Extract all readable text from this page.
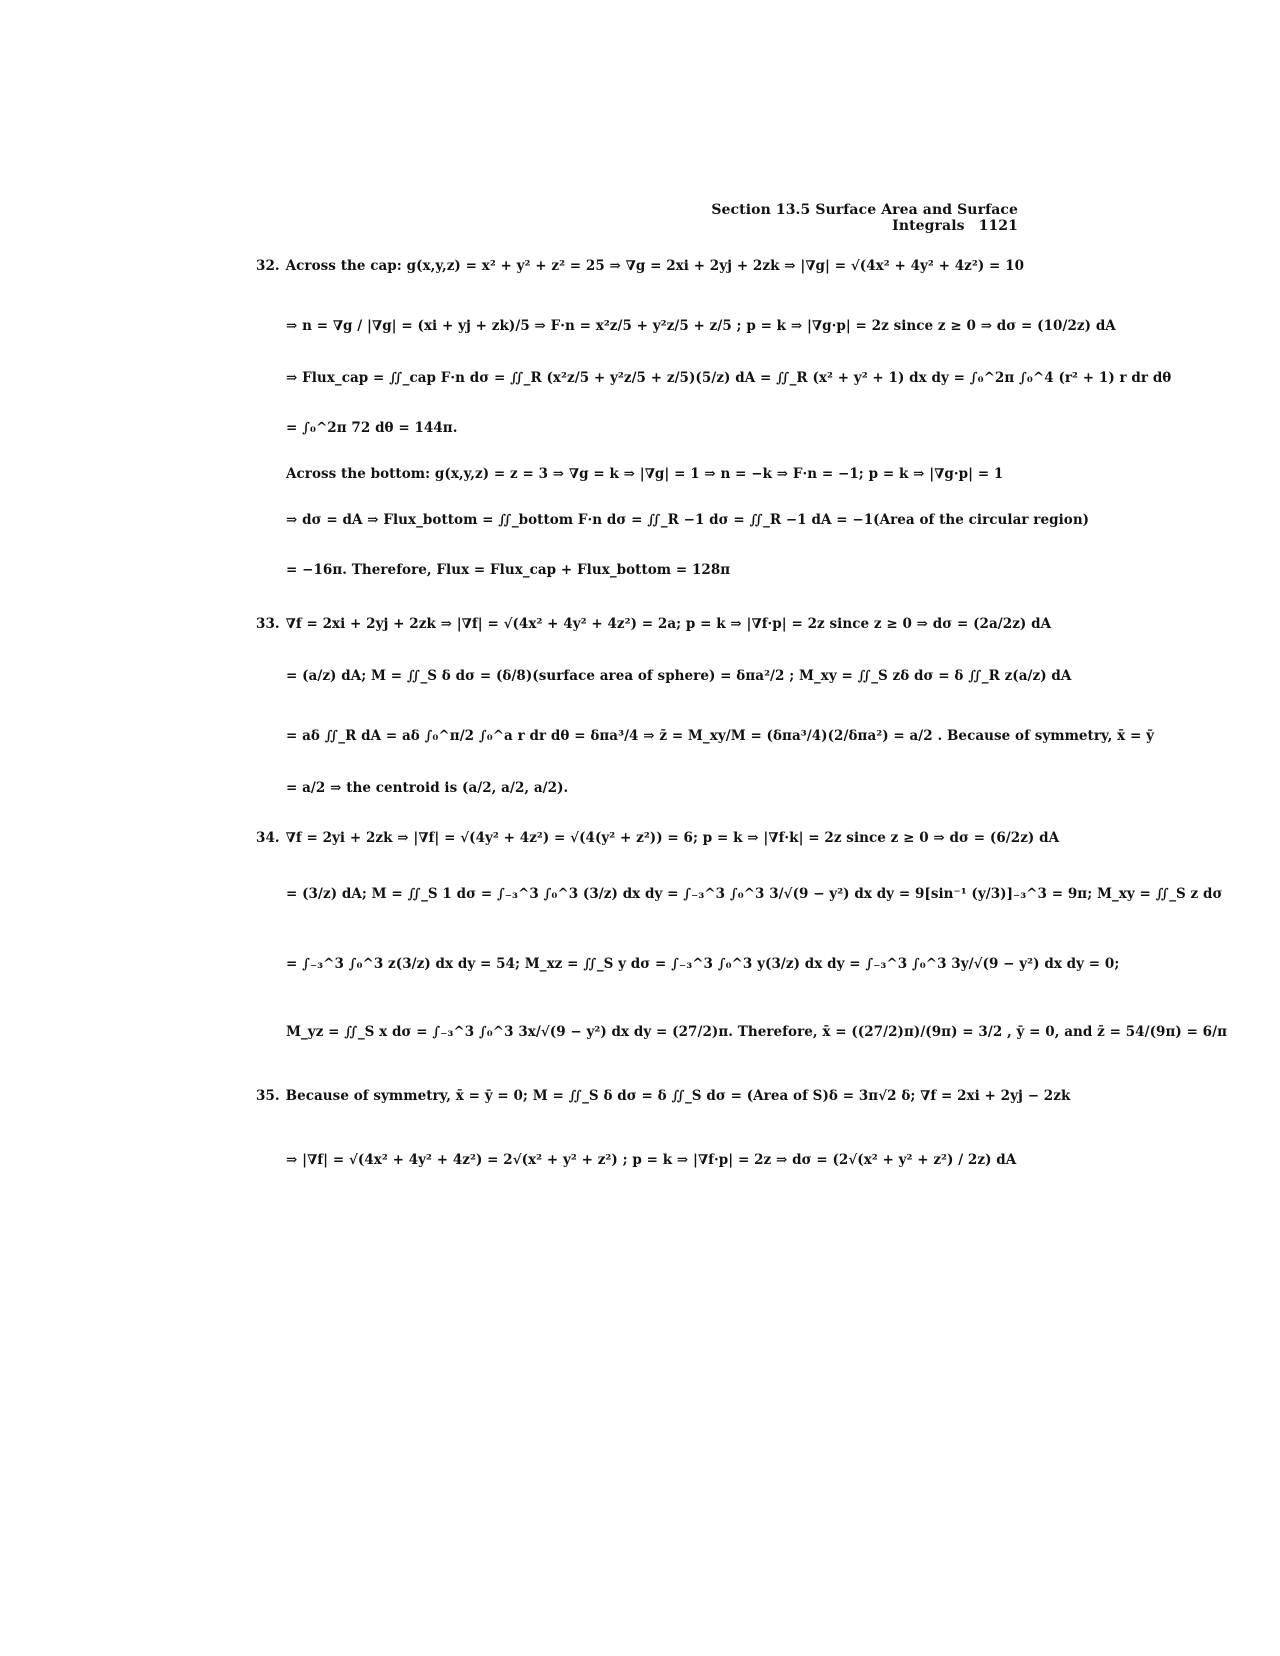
Section 13.5 Surface Area and Surface Integrals 1121
32. Across the cap: g(x,y,z) = x² + y² + z² = 25 ⇒ ∇g = 2xi + 2yj + 2zk ⇒ |∇g| = √(4x² + 4y² + 4z²) = 10
⇒ n = ∇g / |∇g| = (xi + yj + zk)/5 ⇒ F·n = x²z/5 + y²z/5 + z/5 ; p = k ⇒ |∇g·p| = 2z since z ≥ 0 ⇒ dσ = (10/2z) dA
⇒ Flux_cap = ∬_cap F·n dσ = ∬_R (x²z/5 + y²z/5 + z/5)(5/z) dA = ∬_R (x² + y² + 1) dx dy = ∫₀^2π ∫₀^4 (r² + 1) r dr dθ
= ∫₀^2π 72 dθ = 144π.
Across the bottom: g(x,y,z) = z = 3 ⇒ ∇g = k ⇒ |∇g| = 1 ⇒ n = −k ⇒ F·n = −1; p = k ⇒ |∇g·p| = 1
⇒ dσ = dA ⇒ Flux_bottom = ∬_bottom F·n dσ = ∬_R −1 dσ = ∬_R −1 dA = −1(Area of the circular region)
= −16π. Therefore, Flux = Flux_cap + Flux_bottom = 128π
33. ∇f = 2xi + 2yj + 2zk ⇒ |∇f| = √(4x² + 4y² + 4z²) = 2a; p = k ⇒ |∇f·p| = 2z since z ≥ 0 ⇒ dσ = (2a/2z) dA
= (a/z) dA; M = ∬_S δ dσ = (δ/8)(surface area of sphere) = δπa²/2 ; M_xy = ∬_S zδ dσ = δ ∬_R z(a/z) dA
= aδ ∬_R dA = aδ ∫₀^π/2 ∫₀^a r dr dθ = δπa³/4 ⇒ z̄ = M_xy/M = (δπa³/4)(2/δπa²) = a/2 . Because of symmetry, x̄ = ȳ
= a/2 ⇒ the centroid is (a/2, a/2, a/2).
34. ∇f = 2yi + 2zk ⇒ |∇f| = √(4y² + 4z²) = √(4(y² + z²)) = 6; p = k ⇒ |∇f·k| = 2z since z ≥ 0 ⇒ dσ = (6/2z) dA
= (3/z) dA; M = ∬_S 1 dσ = ∫₋₃^3 ∫₀^3 (3/z) dx dy = ∫₋₃^3 ∫₀^3 3/√(9 − y²) dx dy = 9[sin⁻¹ (y/3)]₋₃^3 = 9π; M_xy = ∬_S z dσ
= ∫₋₃^3 ∫₀^3 z(3/z) dx dy = 54; M_xz = ∬_S y dσ = ∫₋₃^3 ∫₀^3 y(3/z) dx dy = ∫₋₃^3 ∫₀^3 3y/√(9 − y²) dx dy = 0;
M_yz = ∬_S x dσ = ∫₋₃^3 ∫₀^3 3x/√(9 − y²) dx dy = (27/2)π. Therefore, x̄ = ((27/2)π)/(9π) = 3/2 , ȳ = 0, and z̄ = 54/(9π) = 6/π
35. Because of symmetry, x̄ = ȳ = 0; M = ∬_S δ dσ = δ ∬_S dσ = (Area of S)δ = 3π√2 δ; ∇f = 2xi + 2yj − 2zk
⇒ |∇f| = √(4x² + 4y² + 4z²) = 2√(x² + y² + z²) ; p = k ⇒ |∇f·p| = 2z ⇒ dσ = (2√(x² + y² + z²) / 2z) dA
